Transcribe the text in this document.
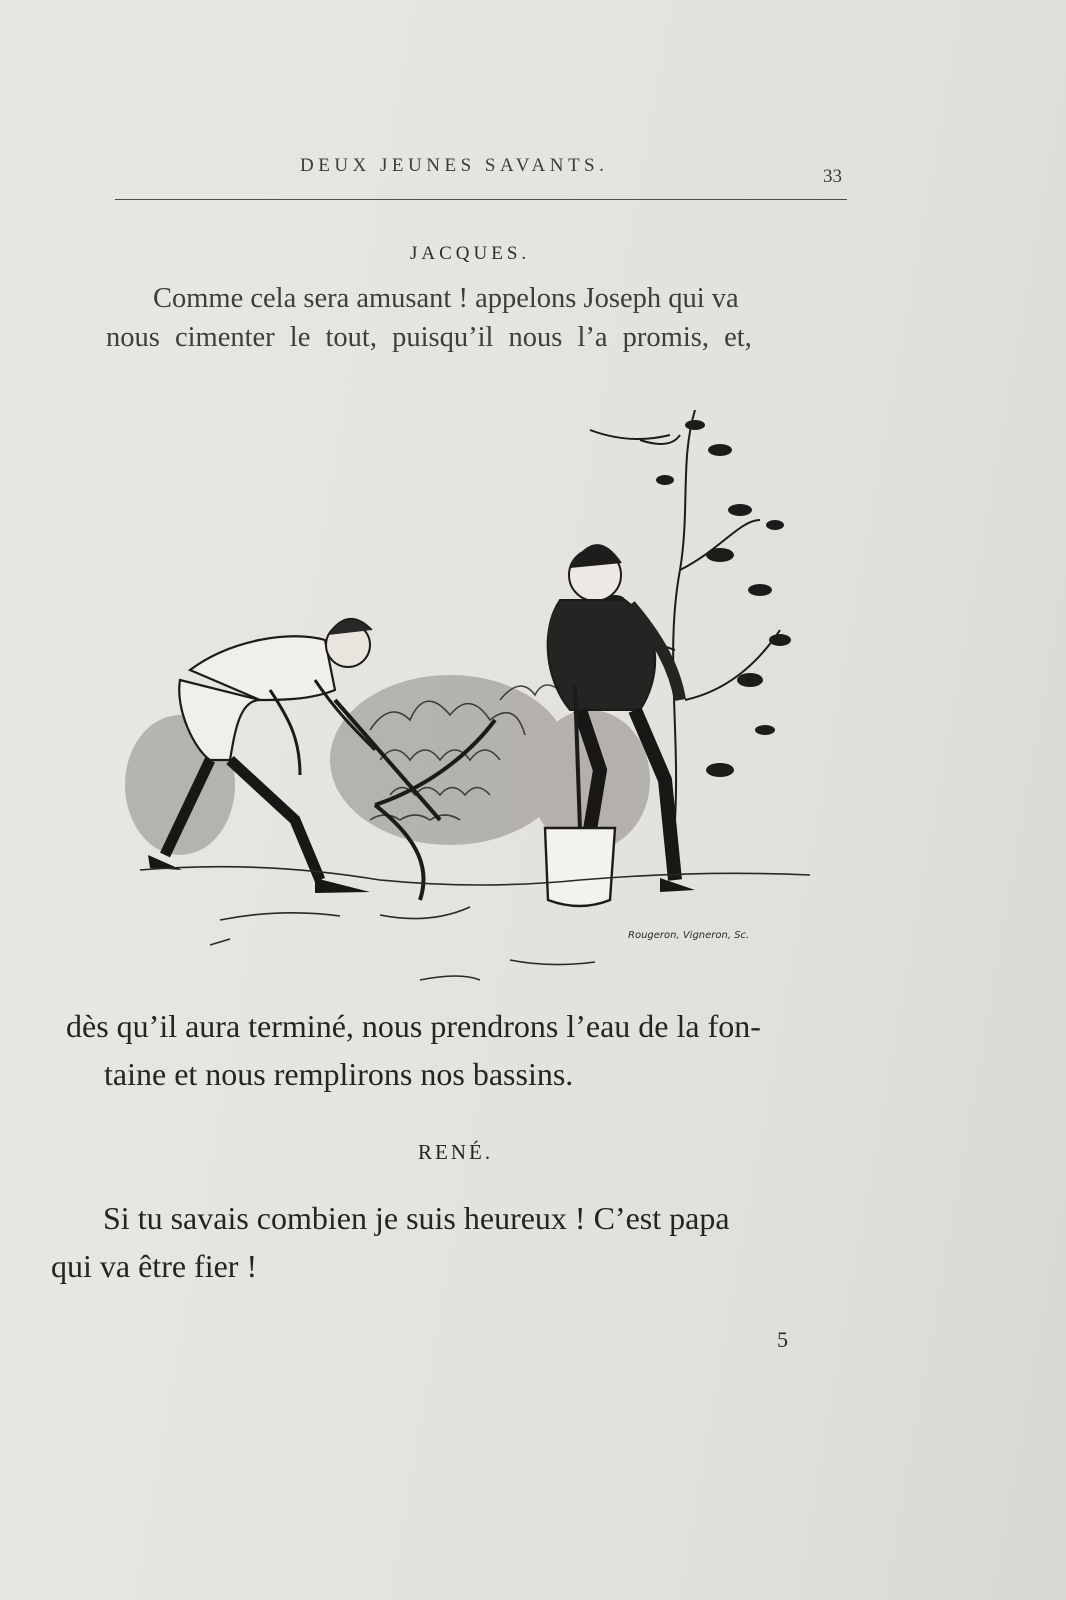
DEUX JEUNES SAVANTS.
33
JACQUES.
Comme cela sera amusant ! appelons Joseph qui va
nous cimenter le tout, puisqu’il nous l’a promis, et,
Rougeron, Vigneron, Sc.
dès qu’il aura terminé, nous prendrons l’eau de la fon-
taine et nous remplirons nos bassins.
RENÉ.
Si tu savais combien je suis heureux ! C’est papa
qui va être fier !
5
